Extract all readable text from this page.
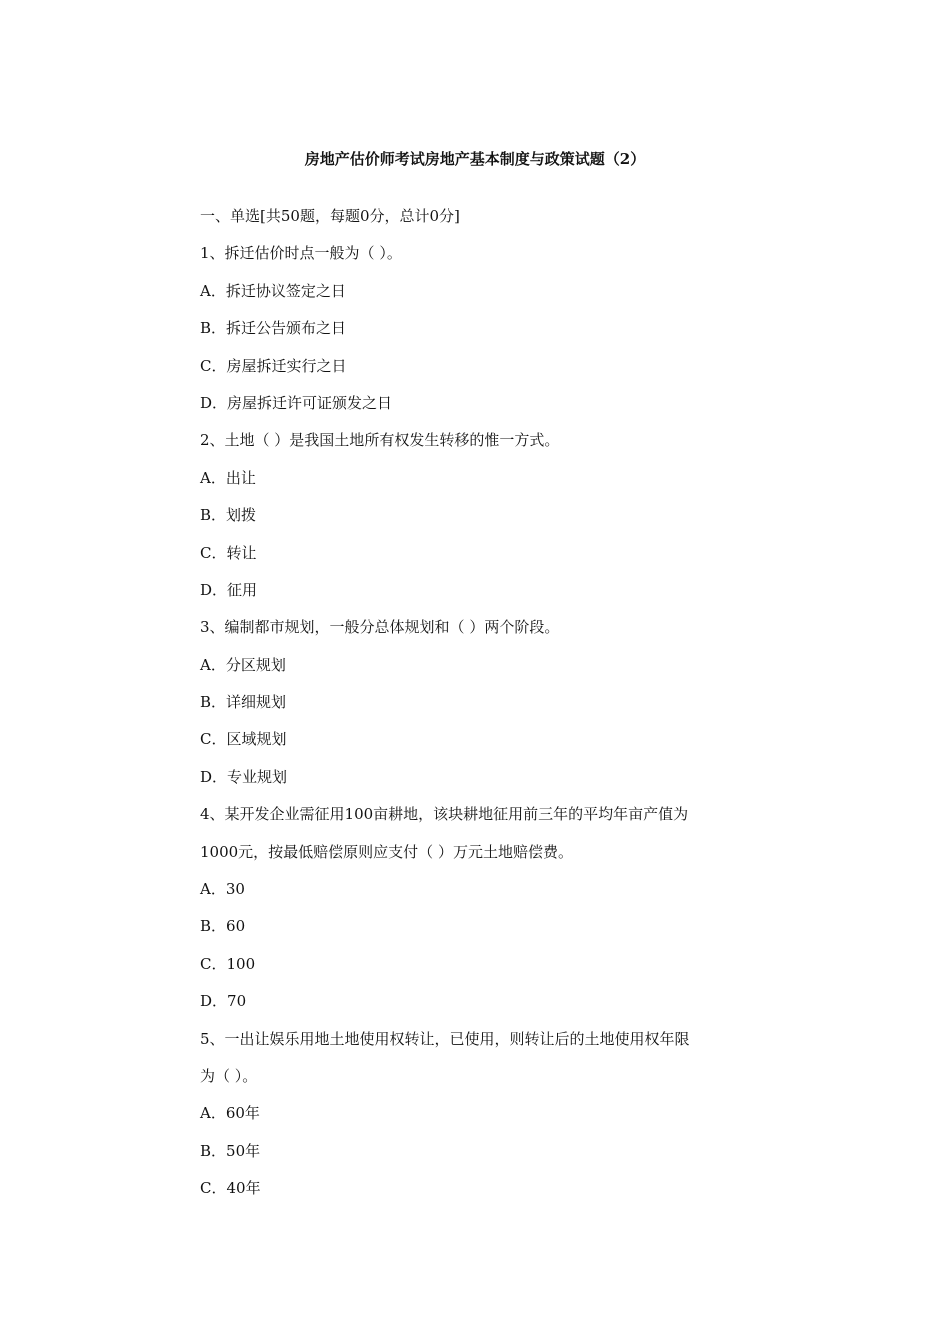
房地产估价师考试房地产基本制度与政策试题（2）
一、单选[共50题，每题0分，总计0分]
1、拆迁估价时点一般为（ ）。
A．拆迁协议签定之日
B．拆迁公告颁布之日
C．房屋拆迁实行之日
D．房屋拆迁许可证颁发之日
2、土地（ ）是我国土地所有权发生转移的惟一方式。
A．出让
B．划拨
C．转让
D．征用
3、编制都市规划，一般分总体规划和（ ）两个阶段。
A．分区规划
B．详细规划
C．区域规划
D．专业规划
4、某开发企业需征用100亩耕地，该块耕地征用前三年的平均年亩产值为
1000元，按最低赔偿原则应支付（ ）万元土地赔偿费。
A．30
B．60
C．100
D．70
5、一出让娱乐用地土地使用权转让，已使用，则转让后的土地使用权年限
为（ ）。
A．60年
B．50年
C．40年
